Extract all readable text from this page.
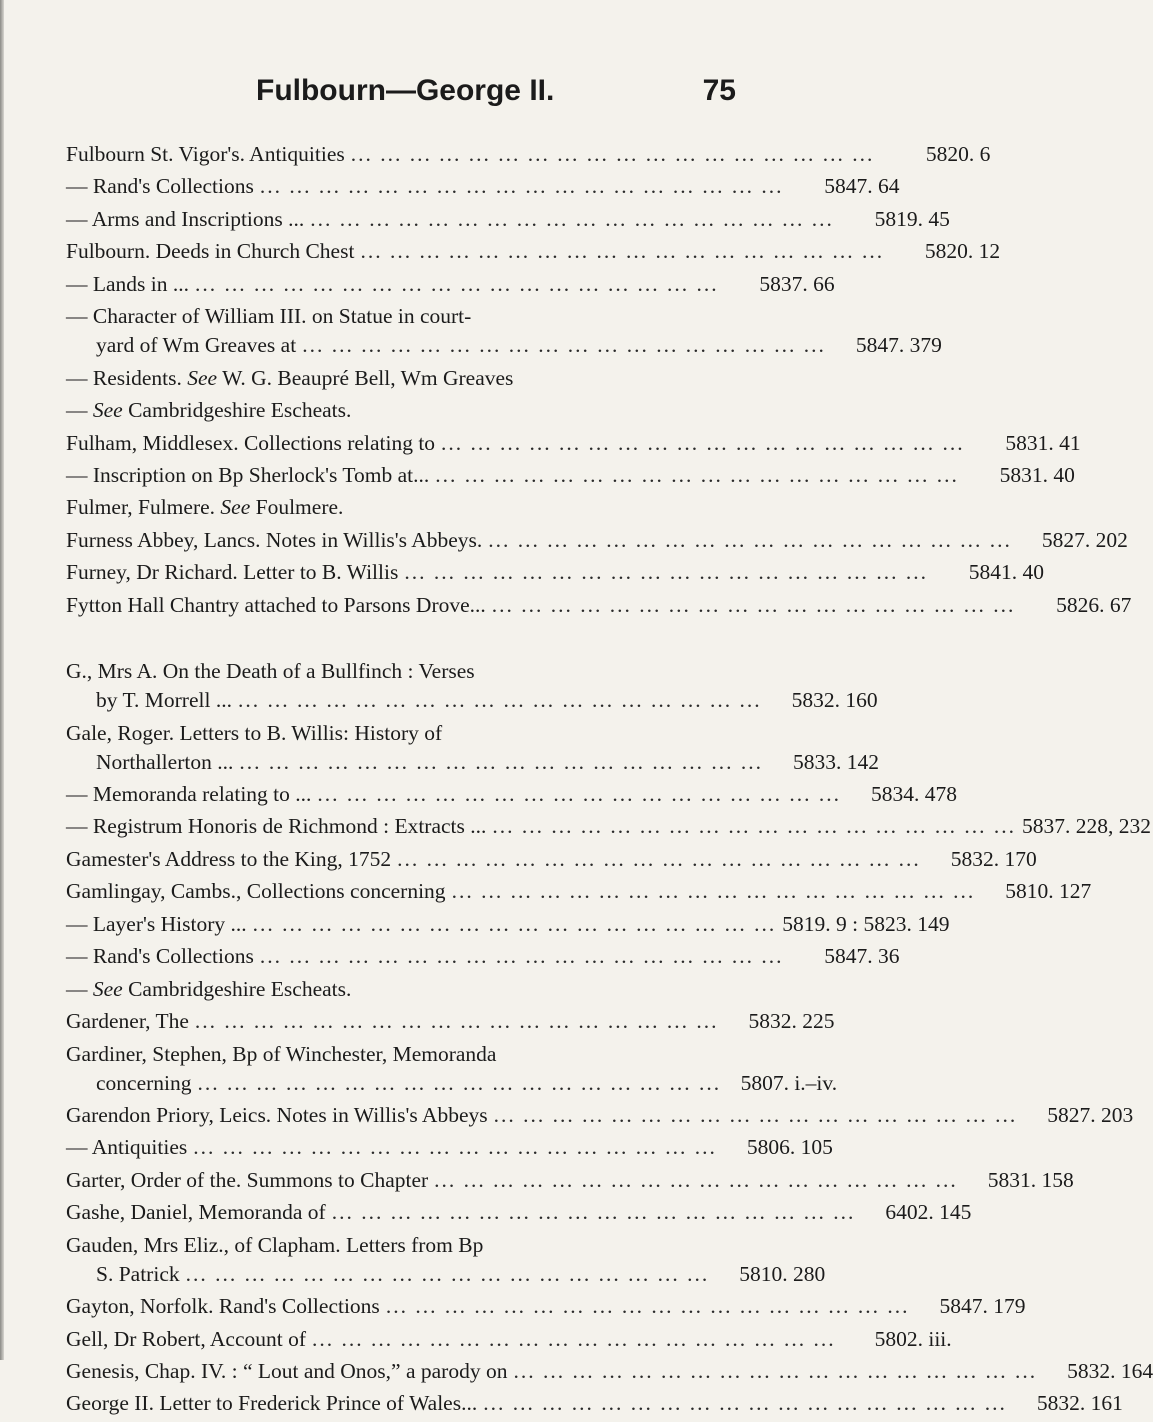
Fulbourn—George II.	75
Fulbourn St. Vigor's. Antiquities ... ... ... ... ... ... ... ... ... ... ... ... ... ... ... ... ... ...	5820. 6
— Rand's Collections ... ... ... ... ... ... ... ... ... ... ... ... ... ... ... ... ... ...	5847. 64
— Arms and Inscriptions ... ... ... ... ... ... ... ... ... ... ... ... ... ... ... ... ... ... ...	5819. 45
Fulbourn. Deeds in Church Chest ... ... ... ... ... ... ... ... ... ... ... ... ... ... ... ... ... ...	5820. 12
— Lands in ... ... ... ... ... ... ... ... ... ... ... ... ... ... ... ... ... ... ...	5837. 66
— Character of William III. on Statue in court-
yard of Wm Greaves at ... ... ... ... ... ... ... ... ... ... ... ... ... ... ... ... ... ...	5847. 379
— Residents. See W. G. Beaupré Bell, Wm Greaves
— See Cambridgeshire Escheats.
Fulham, Middlesex. Collections relating to ... ... ... ... ... ... ... ... ... ... ... ... ... ... ... ... ... ...	5831. 41
— Inscription on Bp Sherlock's Tomb at... ... ... ... ... ... ... ... ... ... ... ... ... ... ... ... ... ... ...	5831. 40
Fulmer, Fulmere. See Foulmere.
Furness Abbey, Lancs. Notes in Willis's Abbeys. ... ... ... ... ... ... ... ... ... ... ... ... ... ... ... ... ... ...	5827. 202
Furney, Dr Richard. Letter to B. Willis ... ... ... ... ... ... ... ... ... ... ... ... ... ... ... ... ... ...	5841. 40
Fytton Hall Chantry attached to Parsons Drove... ... ... ... ... ... ... ... ... ... ... ... ... ... ... ... ... ... ...	5826. 67
G., Mrs A. On the Death of a Bullfinch : Verses
by T. Morrell ... ... ... ... ... ... ... ... ... ... ... ... ... ... ... ... ... ... ...	5832. 160
Gale, Roger. Letters to B. Willis: History of
Northallerton ... ... ... ... ... ... ... ... ... ... ... ... ... ... ... ... ... ... ...	5833. 142
— Memoranda relating to ... ... ... ... ... ... ... ... ... ... ... ... ... ... ... ... ... ... ...	5834. 478
— Registrum Honoris de Richmond : Extracts ... ... ... ... ... ... ... ... ... ... ... ... ... ... ... ... ... ... ... 5837. 228, 232
Gamester's Address to the King, 1752 ... ... ... ... ... ... ... ... ... ... ... ... ... ... ... ... ... ...	5832. 170
Gamlingay, Cambs., Collections concerning ... ... ... ... ... ... ... ... ... ... ... ... ... ... ... ... ... ...	5810. 127
— Layer's History ... ... ... ... ... ... ... ... ... ... ... ... ... ... ... ... ... ... ... 5819. 9 : 5823. 149
— Rand's Collections ... ... ... ... ... ... ... ... ... ... ... ... ... ... ... ... ... ...	5847. 36
— See Cambridgeshire Escheats.
Gardener, The ... ... ... ... ... ... ... ... ... ... ... ... ... ... ... ... ... ...	5832. 225
Gardiner, Stephen, Bp of Winchester, Memoranda
concerning ... ... ... ... ... ... ... ... ... ... ... ... ... ... ... ... ... ... 5807. i.–iv.
Garendon Priory, Leics. Notes in Willis's Abbeys ... ... ... ... ... ... ... ... ... ... ... ... ... ... ... ... ... ...	5827. 203
— Antiquities ... ... ... ... ... ... ... ... ... ... ... ... ... ... ... ... ... ...	5806. 105
Garter, Order of the. Summons to Chapter ... ... ... ... ... ... ... ... ... ... ... ... ... ... ... ... ... ...	5831. 158
Gashe, Daniel, Memoranda of ... ... ... ... ... ... ... ... ... ... ... ... ... ... ... ... ... ...	6402. 145
Gauden, Mrs Eliz., of Clapham. Letters from Bp
S. Patrick ... ... ... ... ... ... ... ... ... ... ... ... ... ... ... ... ... ...	5810. 280
Gayton, Norfolk. Rand's Collections ... ... ... ... ... ... ... ... ... ... ... ... ... ... ... ... ... ...	5847. 179
Gell, Dr Robert, Account of ... ... ... ... ... ... ... ... ... ... ... ... ... ... ... ... ... ...	5802. iii.
Genesis, Chap. IV. : “ Lout and Onos,” a parody on ... ... ... ... ... ... ... ... ... ... ... ... ... ... ... ... ... ...	5832. 164
George II. Letter to Frederick Prince of Wales... ... ... ... ... ... ... ... ... ... ... ... ... ... ... ... ... ... ...	5832. 161
